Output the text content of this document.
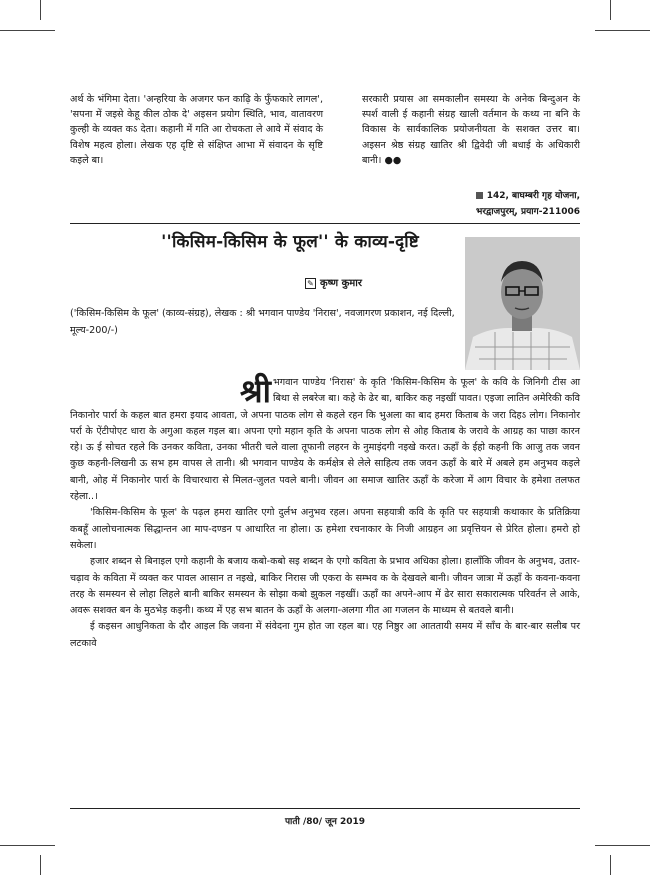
अर्थ के भंगिमा देता। 'अन्हरिया के अजगर फन काढ़ि के फुँफकारे लागल', 'सपना में जइसे केहू कील ठोक दे' अइसन प्रयोग स्थिति, भाव, वातावरण कुल्ही के व्यक्त कऽ देता। कहानी में गति आ रोचकता ले आवे में संवाद के विशेष महत्व होला। लेखक एह दृष्टि से संक्षिप्त आभा में संवादन के सृष्टि कइले बा।

सरकारी प्रयास आ समकालीन समस्या के अनेक बिन्दुअन के स्पर्श वाली ई कहानी संग्रह खाली वर्तमान के कथ्य ना बनि के विकास के सार्वकालिक प्रयोजनीयता के सशक्त उत्तर बा। अइसन श्रेष्ठ संग्रह खातिर श्री द्विवेदी जी बधाई के अधिकारी बानी। ●●

142, बाघम्बरी गृह योजना,
भरद्वाजपुरम्, प्रयाग-211006
''किसिम-किसिम के फूल'' के काव्य-दृष्टि
✎ कृष्ण कुमार
('किसिम-किसिम के फूल' (काव्य-संग्रह), लेखक : श्री भगवान पाण्डेय 'निरास', नवजागरण प्रकाशन, नई दिल्ली, मूल्य-200/-)

श्री भगवान पाण्डेय 'निरास' के कृति 'किसिम-किसिम के फूल' के कवि के जिनिगी टीस आ बिथा से लबरेज बा। कहे के ढेर बा, बाकिर कह नइखीं पावत। एइजा लातिन अमेरिकी कवि निकानोर पार्रा के कहल बात हमरा इयाद आवता, जे अपना पाठक लोग से कहले रहन कि भुअला का बाद हमरा किताब के जरा दिहऽ लोग। निकानोर पर्रा के ऐंटीपोएट धारा के अगुआ कहल गइल बा। अपना एगो महान कृति के अपना पाठक लोग से ओह किताब के जरावे के आग्रह का पाछा कारन रहे। ऊ ई सोचत रहले कि उनकर कविता, उनका भीतरी चले वाला तूफानी लहरन के नुमाइंदगी नइखे करत। ऊहाँ के ईहो कहनी कि आजु तक जवन कुछ कहनी-लिखनी ऊ सभ हम वापस ले तानी। श्री भगवान पाण्डेय के कर्मक्षेत्र से लेले साहित्य तक जवन ऊहाँ के बारे में अबले हम अनुभव कइले बानी, ओह में निकानोर पार्रा के विचारधारा से मिलत-जुलत पवले बानी। जीवन आ समाज खातिर ऊहाँ के करेजा में आग विचार के हमेशा तलफत रहेला..।

'किसिम-किसिम के फूल' के पढ़ल हमरा खातिर एगो दुर्लभ अनुभव रहल। अपना सहयात्री कवि के कृति पर सहयात्री कथाकार के प्रतिक्रिया कबहूँ आलोचनात्मक सिद्धान्तन आ माप-दण्डन प आधारित ना होला। ऊ हमेशा रचनाकार के निजी आग्रहन आ प्रवृत्तियन से प्रेरित होला। हमरो हो सकेला।

हजार शब्दन से बिनाइल एगो कहानी के बजाय कबो-कबो सइ शब्दन के एगो कविता के प्रभाव अधिका होला। हालाँकि जीवन के अनुभव, उतार-चढ़ाव के कविता में व्यक्त कर पावल आसान त नइखे, बाकिर निरास जी एकरा के सम्भव क के देखवले बानी। जीवन जात्रा में ऊहाँ के कवना-कवना तरह के समस्यन से लोहा लिहले बानी बाकिर समस्यन के सोझा कबो झुकल नइखीं। ऊहाँ का अपने-आप में ढेर सारा सकारात्मक परिवर्तन ले आके, अवरू सशक्त बन के मुठभेड़ कइनी। कथ्य में एह सभ बातन के ऊहाँ के अलगा-अलगा गीत आ गजलन के माध्यम से बतवले बानी।

ई कइसन आधुनिकता के दौर आइल कि जवना में संवेदना गुम होत जा रहल बा। एह निष्ठुर आ आततायी समय में साँच के बार-बार सलीब पर लटकावे

पाती /80/ जून 2019
